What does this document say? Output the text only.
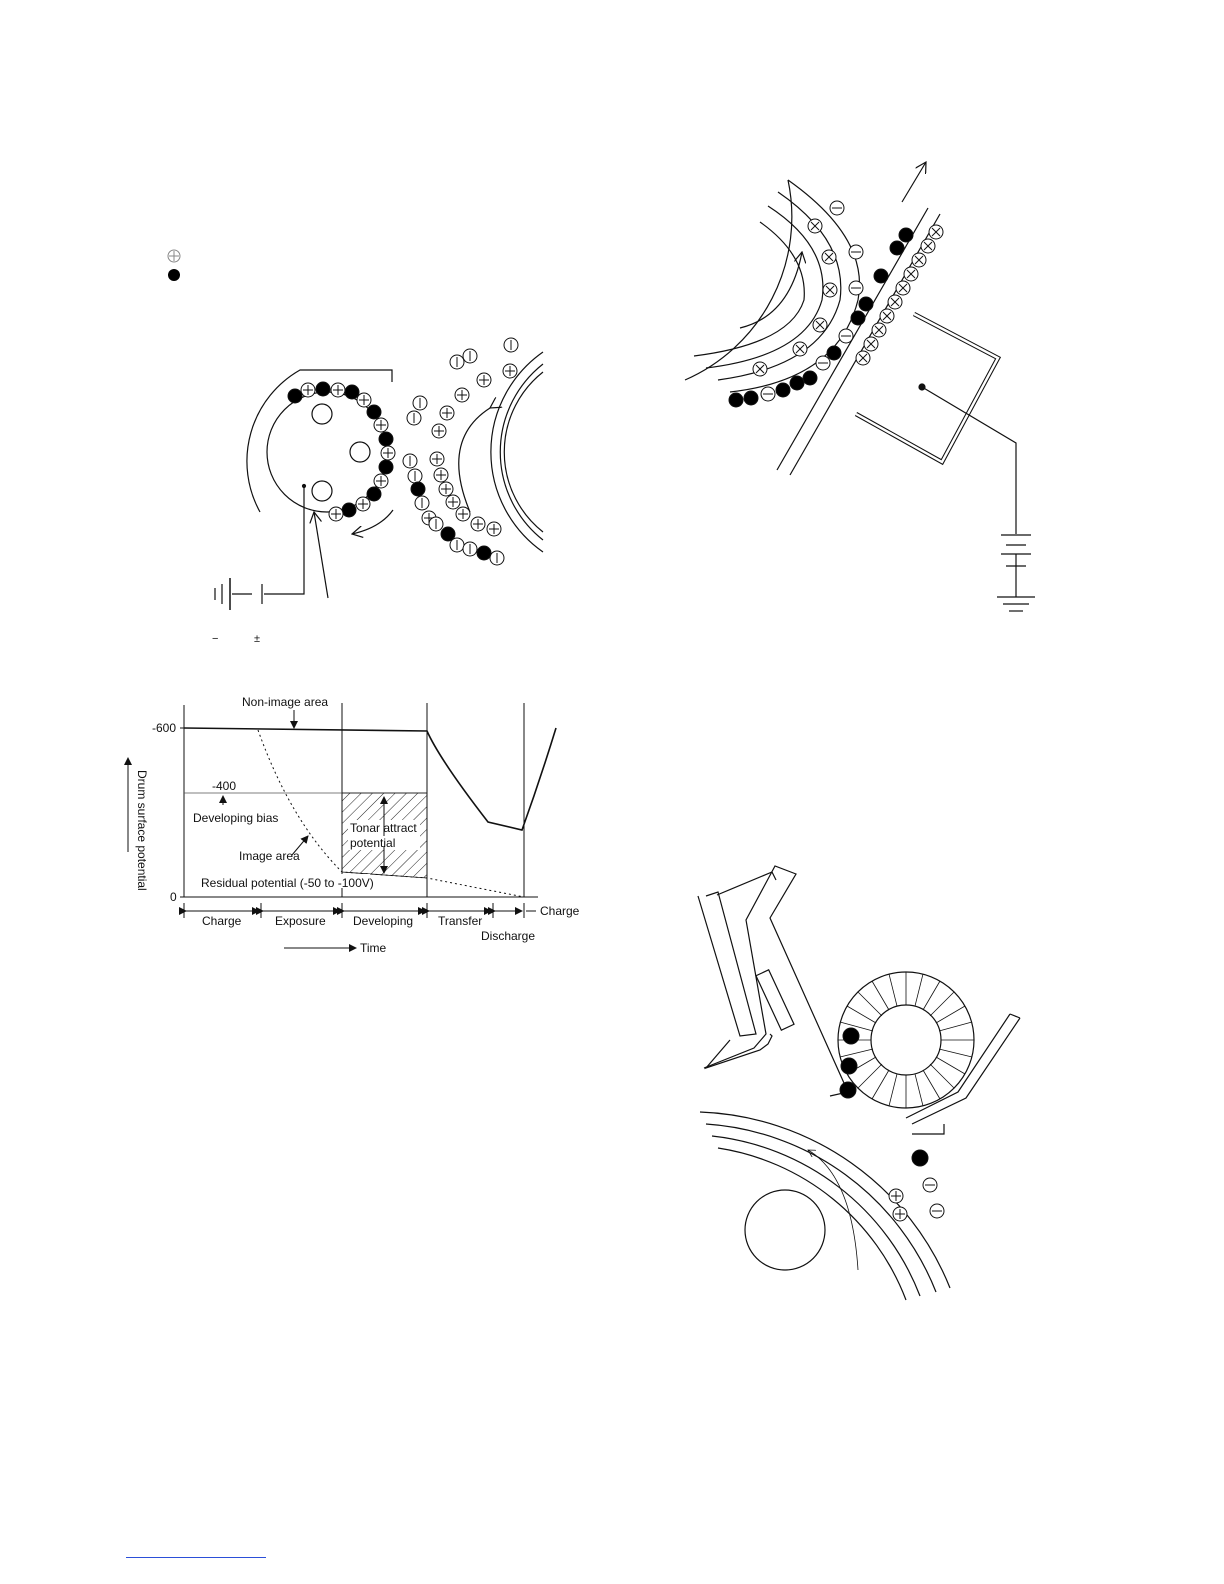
−	±
-600
0
-400
Drum surface potential
Non-image area
Developing bias
Image area
Tonar attract
potential
Residual potential (-50 to -100V)
Charge	Exposure Developing Transfer
Discharge
Charge
Time
